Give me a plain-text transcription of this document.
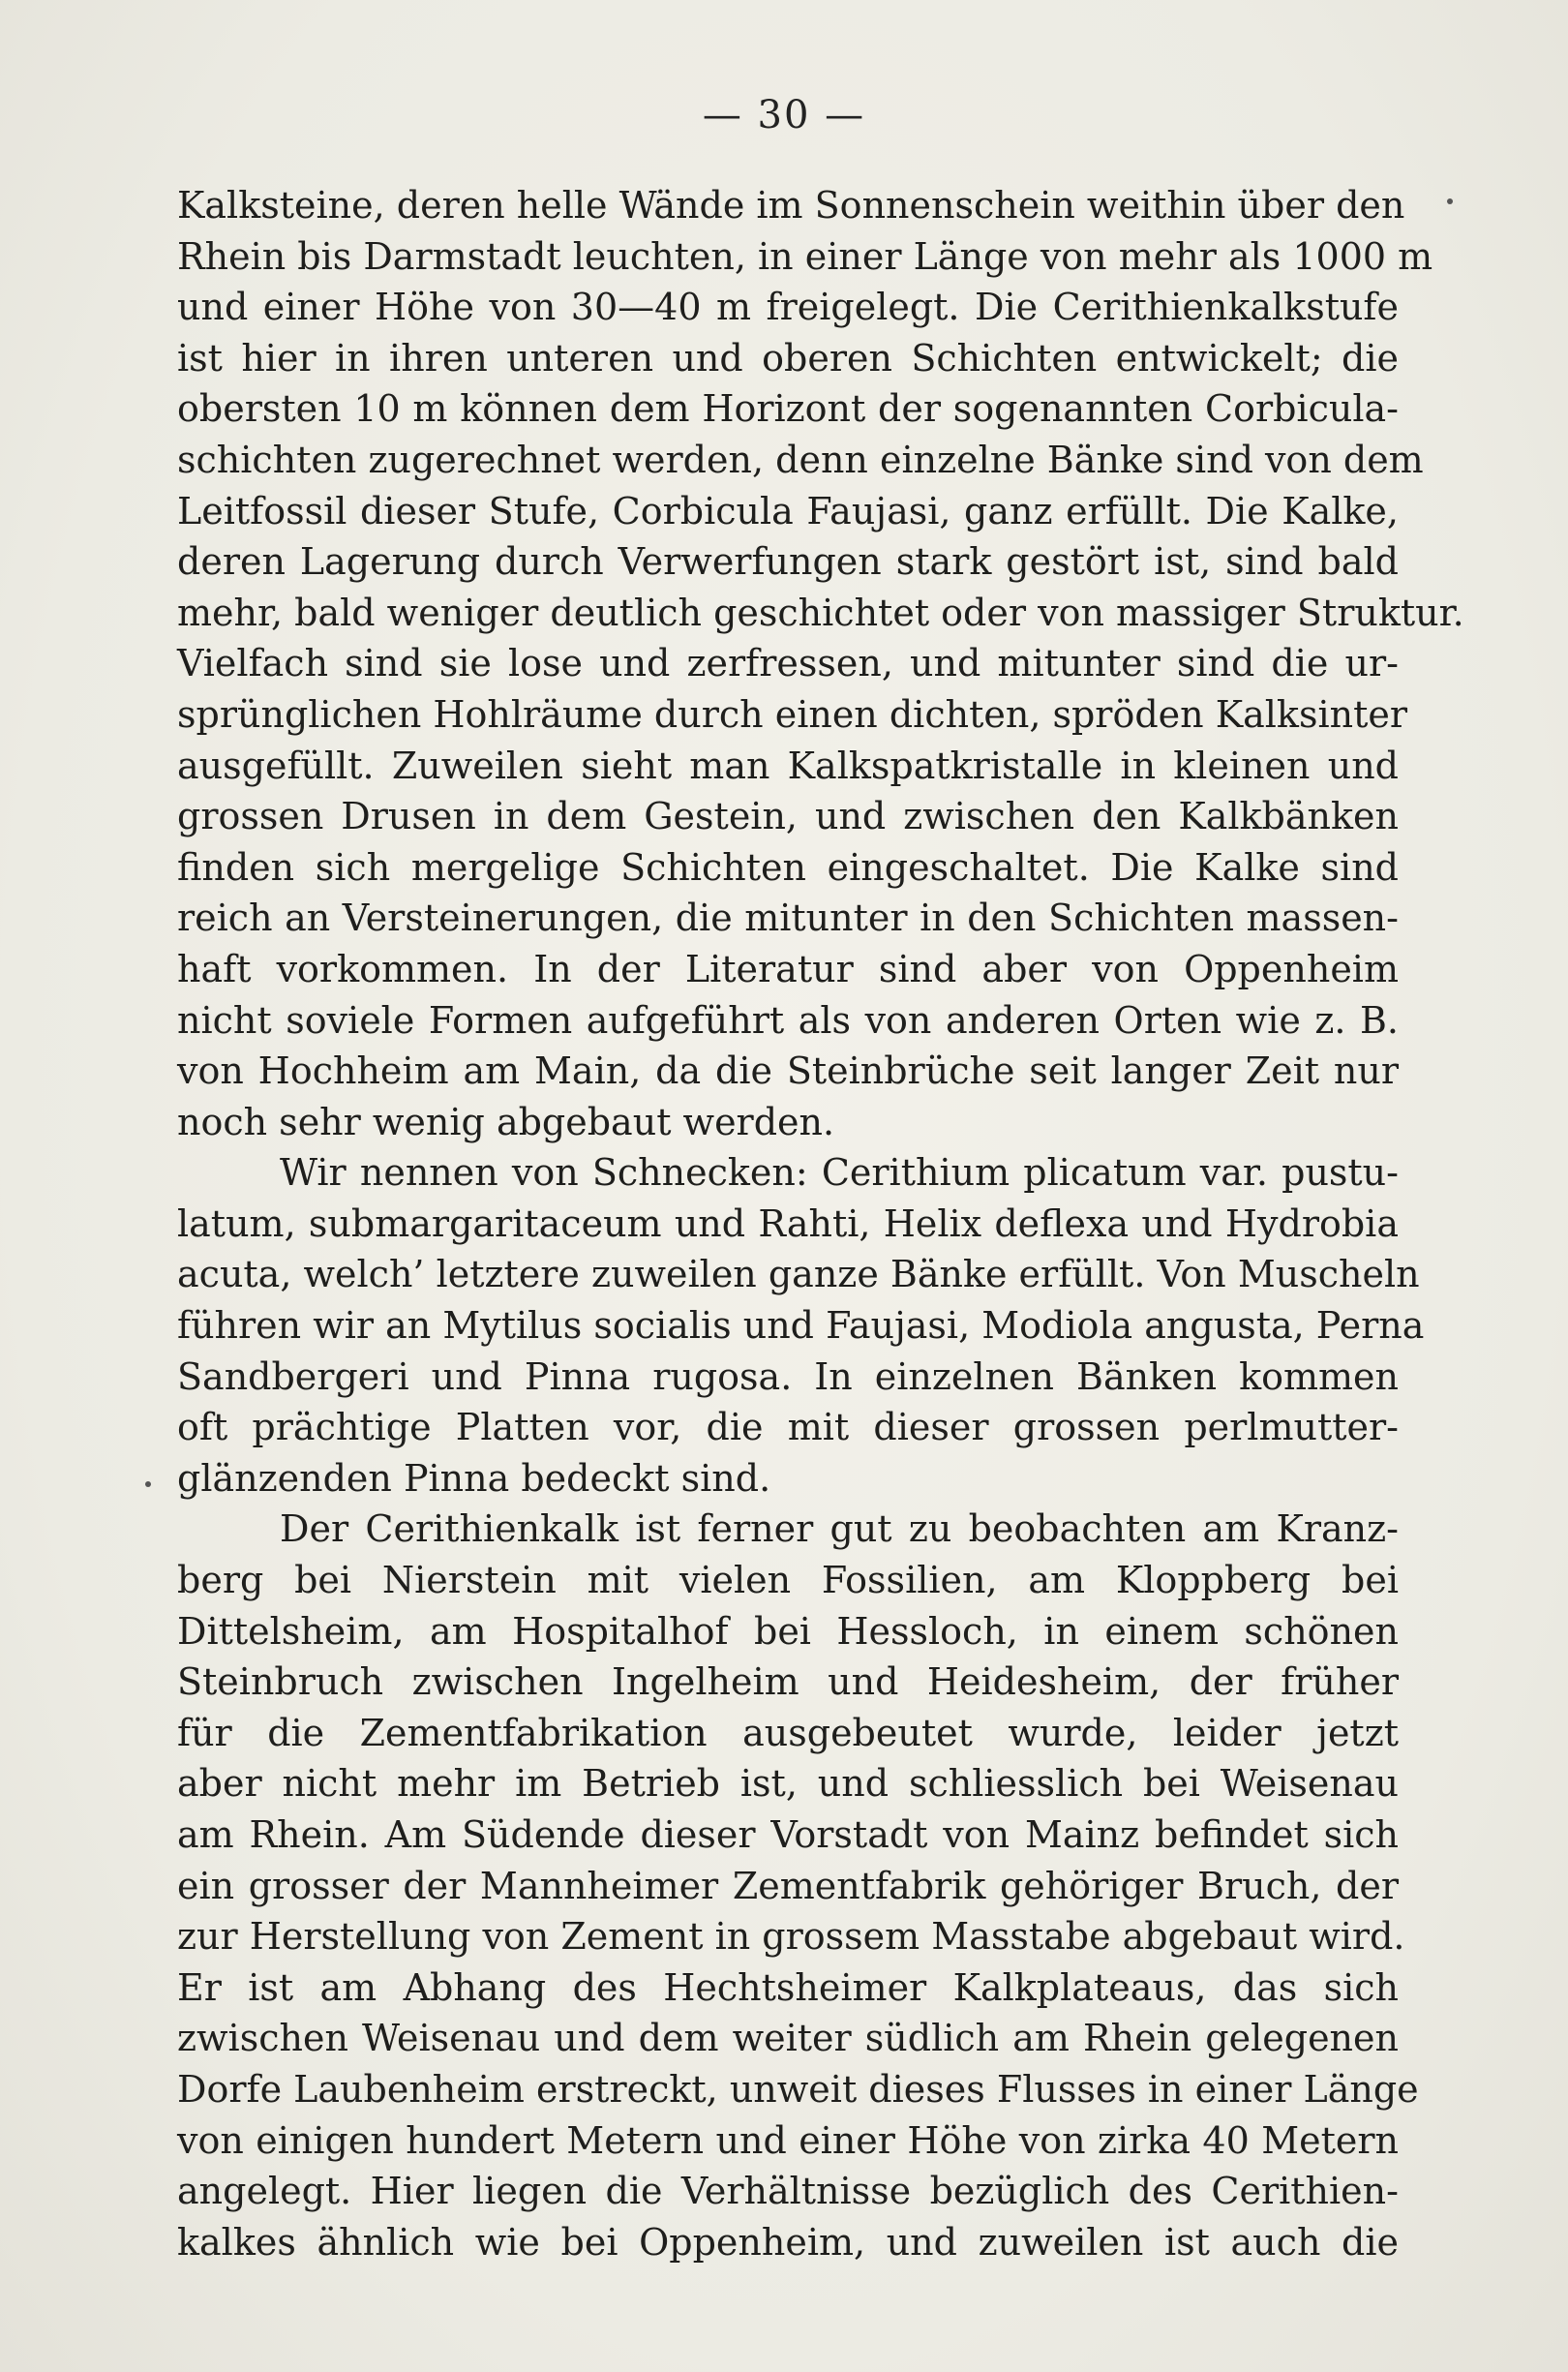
— 30 —
Kalksteine, deren helle Wände im Sonnenschein weithin über den
Rhein bis Darmstadt leuchten, in einer Länge von mehr als 1000 m
und einer Höhe von 30—40 m freigelegt. Die Cerithienkalkstufe
ist hier in ihren unteren und oberen Schichten entwickelt; die
obersten 10 m können dem Horizont der sogenannten Corbicula-
schichten zugerechnet werden, denn einzelne Bänke sind von dem
Leitfossil dieser Stufe, Corbicula Faujasi, ganz erfüllt. Die Kalke,
deren Lagerung durch Verwerfungen stark gestört ist, sind bald
mehr, bald weniger deutlich geschichtet oder von massiger Struktur.
Vielfach sind sie lose und zerfressen, und mitunter sind die ur-
sprünglichen Hohlräume durch einen dichten, spröden Kalksinter
ausgefüllt. Zuweilen sieht man Kalkspatkristalle in kleinen und
grossen Drusen in dem Gestein, und zwischen den Kalkbänken
finden sich mergelige Schichten eingeschaltet. Die Kalke sind
reich an Versteinerungen, die mitunter in den Schichten massen-
haft vorkommen. In der Literatur sind aber von Oppenheim
nicht soviele Formen aufgeführt als von anderen Orten wie z. B.
von Hochheim am Main, da die Steinbrüche seit langer Zeit nur
noch sehr wenig abgebaut werden.
Wir nennen von Schnecken: Cerithium plicatum var. pustu-
latum, submargaritaceum und Rahti, Helix deflexa und Hydrobia
acuta, welch’ letztere zuweilen ganze Bänke erfüllt. Von Muscheln
führen wir an Mytilus socialis und Faujasi, Modiola angusta, Perna
Sandbergeri und Pinna rugosa. In einzelnen Bänken kommen
oft prächtige Platten vor, die mit dieser grossen perlmutter-
glänzenden Pinna bedeckt sind.
Der Cerithienkalk ist ferner gut zu beobachten am Kranz-
berg bei Nierstein mit vielen Fossilien, am Kloppberg bei
Dittelsheim, am Hospitalhof bei Hessloch, in einem schönen
Steinbruch zwischen Ingelheim und Heidesheim, der früher
für die Zementfabrikation ausgebeutet wurde, leider jetzt
aber nicht mehr im Betrieb ist, und schliesslich bei Weisenau
am Rhein. Am Südende dieser Vorstadt von Mainz befindet sich
ein grosser der Mannheimer Zementfabrik gehöriger Bruch, der
zur Herstellung von Zement in grossem Masstabe abgebaut wird.
Er ist am Abhang des Hechtsheimer Kalkplateaus, das sich
zwischen Weisenau und dem weiter südlich am Rhein gelegenen
Dorfe Laubenheim erstreckt, unweit dieses Flusses in einer Länge
von einigen hundert Metern und einer Höhe von zirka 40 Metern
angelegt. Hier liegen die Verhältnisse bezüglich des Cerithien-
kalkes ähnlich wie bei Oppenheim, und zuweilen ist auch die
